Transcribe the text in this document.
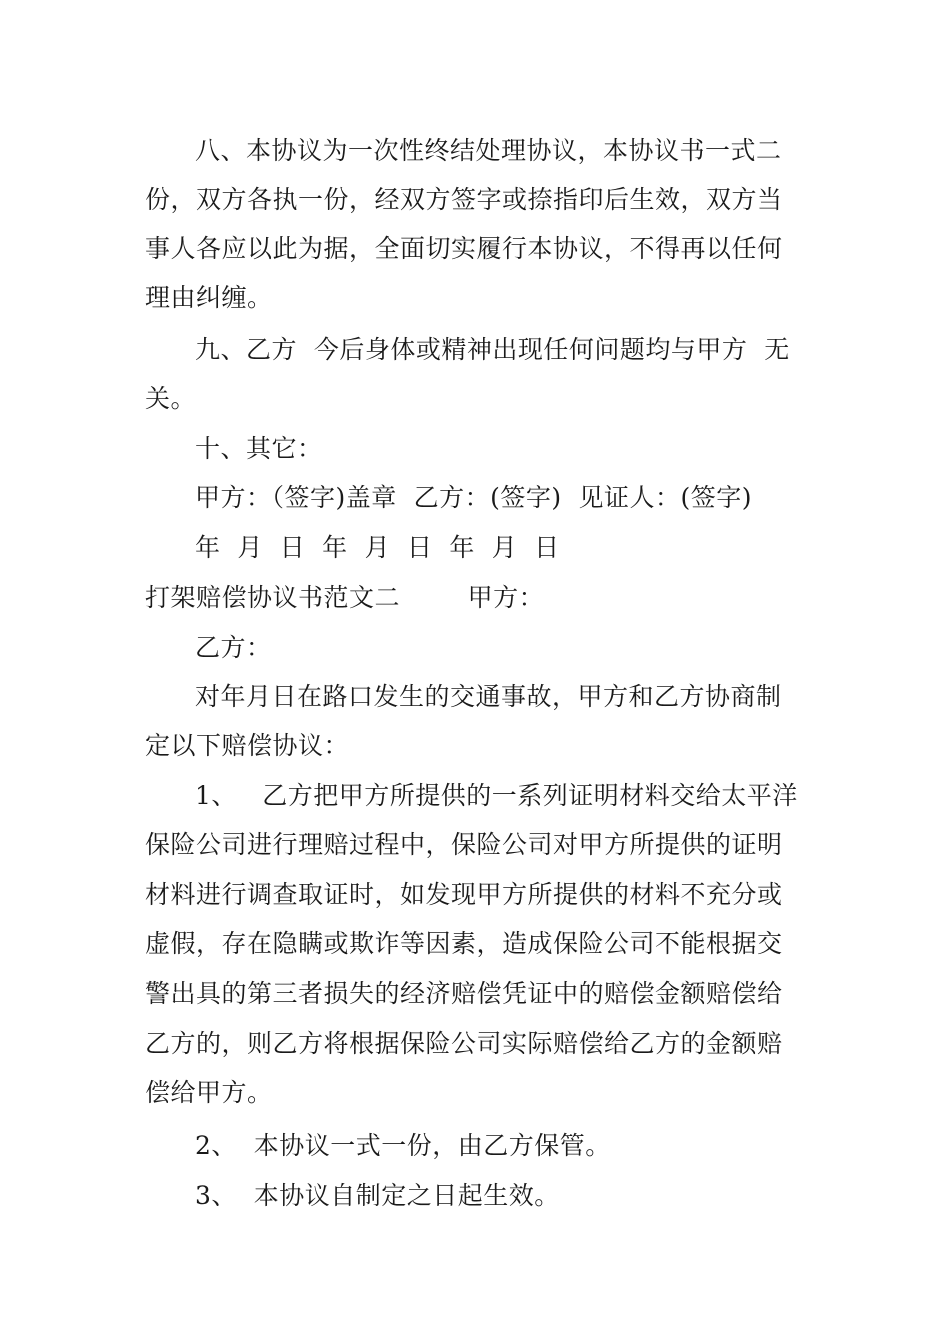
八、本协议为一次性终结处理协议，本协议书一式二
份，双方各执一份，经双方签字或捺指印后生效，双方当
事人各应以此为据，全面切实履行本协议，不得再以任何
理由纠缠。
九、乙方  今后身体或精神出现任何问题均与甲方  无
关。
十、其它：
甲方：（签字)盖章  乙方：(签字)  见证人：(签字)
年  月  日  年  月  日  年  月  日
打架赔偿协议书范文二        甲方：
乙方：
对年月日在路口发生的交通事故，甲方和乙方协商制
定以下赔偿协议：
1、   乙方把甲方所提供的一系列证明材料交给太平洋
保险公司进行理赔过程中，保险公司对甲方所提供的证明
材料进行调查取证时，如发现甲方所提供的材料不充分或
虚假，存在隐瞒或欺诈等因素，造成保险公司不能根据交
警出具的第三者损失的经济赔偿凭证中的赔偿金额赔偿给
乙方的，则乙方将根据保险公司实际赔偿给乙方的金额赔
偿给甲方。
2、  本协议一式一份，由乙方保管。
3、  本协议自制定之日起生效。
